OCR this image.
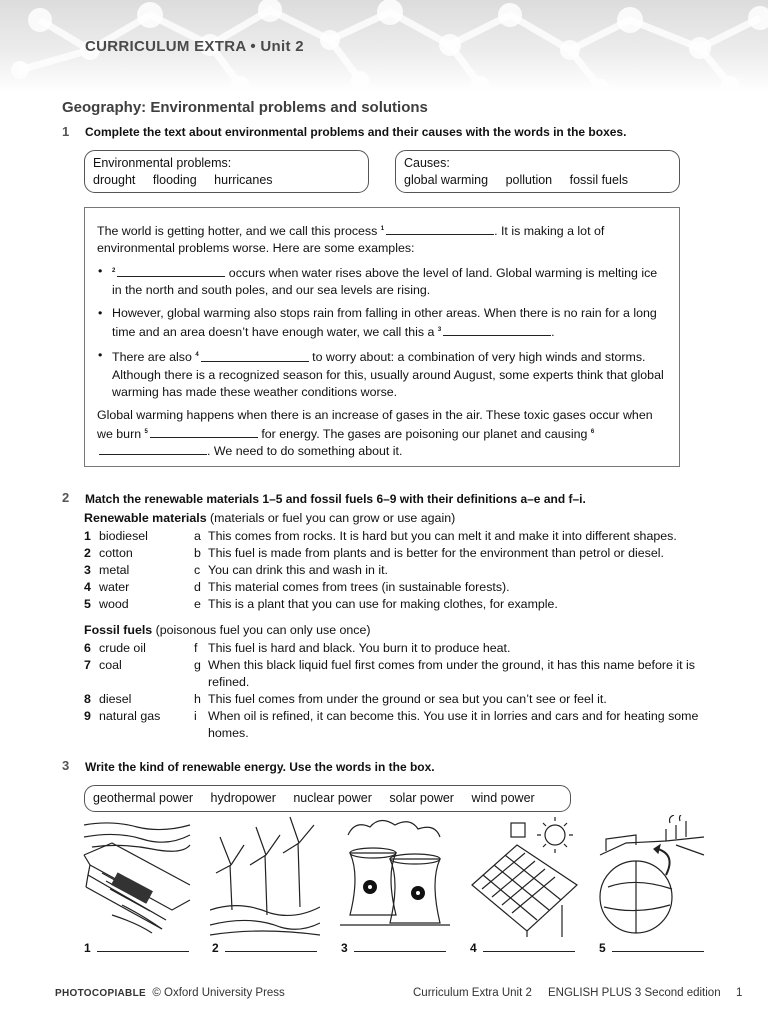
CURRICULUM EXTRA • Unit 2
Geography: Environmental problems and solutions
1 Complete the text about environmental problems and their causes with the words in the boxes.
Environmental problems:
drought flooding hurricanes
Causes:
global warming pollution fossil fuels

The world is getting hotter, and we call this process $^1$	. It is making a lot of environmental problems worse. Here are some examples:

• $^2$	occurs when water rises above the level of land. Global warming is melting ice in the north and south poles, and our sea levels are rising.
• However, global warming also stops rain from falling in other areas. When there is no rain for a long time and an area doesn’t have enough water, we call this a $^3$	.
• There are also $^4$	to worry about: a combination of very high winds and storms. Although there is a recognized season for this, usually around August, some experts think that global warming has made these weather conditions worse.

Global warming happens when there is an increase of gases in the air. These toxic gases occur when we burn $^5$	for energy. The gases are poisoning our planet and causing $^6$. We need to do something about it.

2 Match the renewable materials 1–5 and fossil fuels 6–9 with their definitions a–e and f–i.
Renewable materials (materials or fuel you can grow or use again)
1 biodiesel	a This comes from rocks. It is hard but you can melt it and make it into different shapes.
2 cotton	b This fuel is made from plants and is better for the environment than petrol or diesel.
3 metal	c You can drink this and wash in it.
4 water	d This material comes from trees (in sustainable forests).
5 wood	e This is a plant that you can use for making clothes, for example.
Fossil fuels (poisonous fuel you can only use once)
6 crude oil	f This fuel is hard and black. You burn it to produce heat.
7 coal	g When this black liquid fuel first comes from under the ground, it has this name before it is refined.
8 diesel	h This fuel comes from under the ground or sea but you can’t see or feel it.
9 natural gas	i When oil is refined, it can become this. You use it in lorries and cars and for heating some homes.
3 Write the kind of renewable energy. Use the words in the box.
geothermal power hydropower nuclear power solar power wind power
1	2	3	4	5
PHOTOCOPIABLE © Oxford University Press	Curriculum Extra Unit 2 ENGLISH PLUS 3 Second edition 1
